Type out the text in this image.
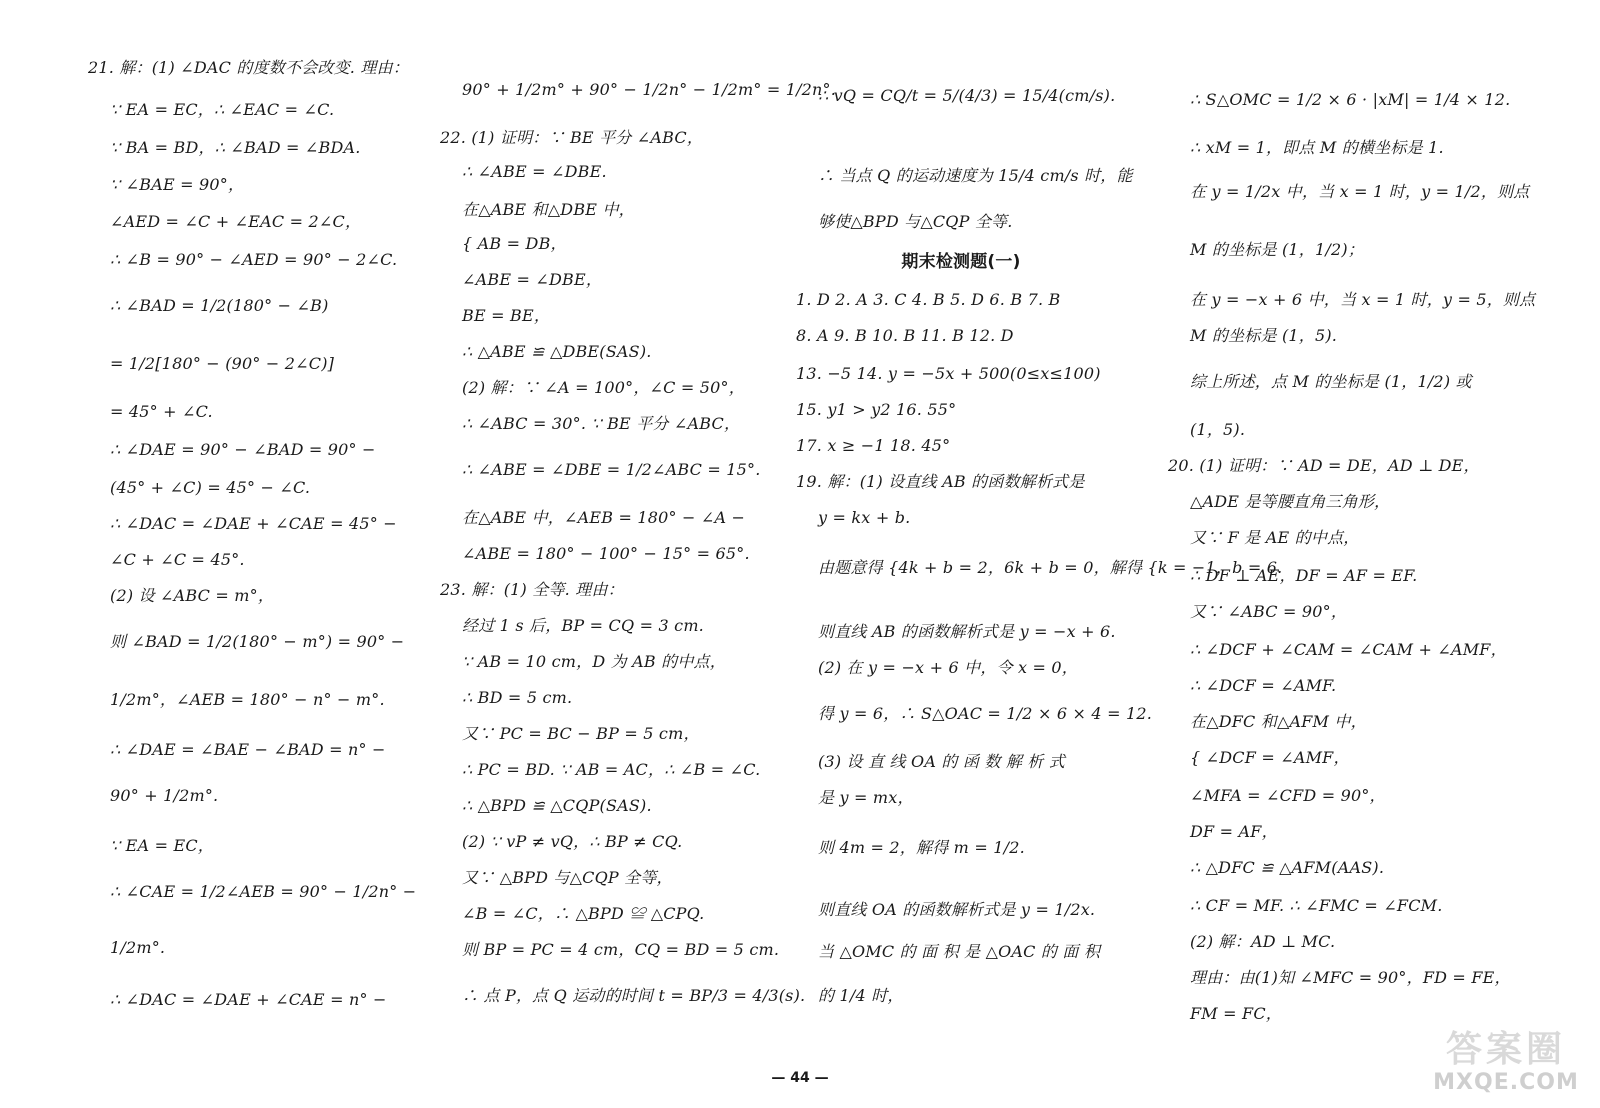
21. 解：(1) ∠DAC 的度数不会改变. 理由：
∵ EA = EC，∴ ∠EAC = ∠C.
∵ BA = BD，∴ ∠BAD = ∠BDA.
∵ ∠BAE = 90°，
∠AED = ∠C + ∠EAC = 2∠C，
∴ ∠B = 90° − ∠AED = 90° − 2∠C.
∴ ∠BAD = 1/2(180° − ∠B)
= 1/2[180° − (90° − 2∠C)]
= 45° + ∠C.
∴ ∠DAE = 90° − ∠BAD = 90° −
(45° + ∠C) = 45° − ∠C.
∴ ∠DAC = ∠DAE + ∠CAE = 45° −
∠C + ∠C = 45°.
(2) 设 ∠ABC = m°，
则 ∠BAD = 1/2(180° − m°) = 90° −
1/2m°，∠AEB = 180° − n° − m°.
∴ ∠DAE = ∠BAE − ∠BAD = n° −
90° + 1/2m°.
∵ EA = EC，
∴ ∠CAE = 1/2∠AEB = 90° − 1/2n° −
1/2m°.
∴ ∠DAC = ∠DAE + ∠CAE = n° −
90° + 1/2m° + 90° − 1/2n° − 1/2m° = 1/2n°.
22. (1) 证明：∵ BE 平分 ∠ABC，
∴ ∠ABE = ∠DBE.
在△ABE 和△DBE 中，
{ AB = DB，
∠ABE = ∠DBE，
BE = BE，
∴ △ABE ≌ △DBE(SAS).
(2) 解：∵ ∠A = 100°，∠C = 50°，
∴ ∠ABC = 30°. ∵ BE 平分 ∠ABC，
∴ ∠ABE = ∠DBE = 1/2∠ABC = 15°.
在△ABE 中，∠AEB = 180° − ∠A −
∠ABE = 180° − 100° − 15° = 65°.
23. 解：(1) 全等. 理由：
经过 1 s 后，BP = CQ = 3 cm.
∵ AB = 10 cm，D 为 AB 的中点，
∴ BD = 5 cm.
又∵ PC = BC − BP = 5 cm，
∴ PC = BD. ∵ AB = AC，∴ ∠B = ∠C.
∴ △BPD ≌ △CQP(SAS).
(2) ∵ vP ≠ vQ，∴ BP ≠ CQ.
又∵ △BPD 与△CQP 全等，
∠B = ∠C，∴ △BPD ≌ △CPQ.
则 BP = PC = 4 cm，CQ = BD = 5 cm.
∴ 点 P，点 Q 运动的时间 t = BP/3 = 4/3(s).
∴ vQ = CQ/t = 5/(4/3) = 15/4(cm/s).
∴ 当点 Q 的运动速度为 15/4 cm/s 时，能
够使△BPD 与△CQP 全等.
期末检测题(一)
1. D 2. A 3. C 4. B 5. D 6. B 7. B
8. A 9. B 10. B 11. B 12. D
13. −5 14. y = −5x + 500(0≤x≤100)
15. y1 > y2 16. 55°
17. x ≥ −1 18. 45°
19. 解：(1) 设直线 AB 的函数解析式是
y = kx + b.
由题意得 {4k + b = 2，6k + b = 0，解得 {k = −1，b = 6.
则直线 AB 的函数解析式是 y = −x + 6.
(2) 在 y = −x + 6 中，令 x = 0，
得 y = 6，∴ S△OAC = 1/2 × 6 × 4 = 12.
(3) 设 直 线 OA 的 函 数 解 析 式
是 y = mx，
则 4m = 2，解得 m = 1/2.
则直线 OA 的函数解析式是 y = 1/2x.
当 △OMC 的 面 积 是 △OAC 的 面 积
的 1/4 时，
∴ S△OMC = 1/2 × 6 · |xM| = 1/4 × 12.
∴ xM = 1，即点 M 的横坐标是 1.
在 y = 1/2x 中，当 x = 1 时，y = 1/2，则点
M 的坐标是 (1，1/2)；
在 y = −x + 6 中，当 x = 1 时，y = 5，则点
M 的坐标是 (1，5).
综上所述，点 M 的坐标是 (1，1/2) 或
(1，5).
20. (1) 证明：∵ AD = DE，AD ⊥ DE，
△ADE 是等腰直角三角形，
又∵ F 是 AE 的中点，
∴ DF ⊥ AE，DF = AF = EF.
又∵ ∠ABC = 90°，
∴ ∠DCF + ∠CAM = ∠CAM + ∠AMF，
∴ ∠DCF = ∠AMF.
在△DFC 和△AFM 中，
{ ∠DCF = ∠AMF，
∠MFA = ∠CFD = 90°，
DF = AF，
∴ △DFC ≌ △AFM(AAS).
∴ CF = MF. ∴ ∠FMC = ∠FCM.
(2) 解：AD ⊥ MC.
理由：由(1)知 ∠MFC = 90°，FD = FE，
FM = FC，
— 44 —
答案圈
MXQE.COM
